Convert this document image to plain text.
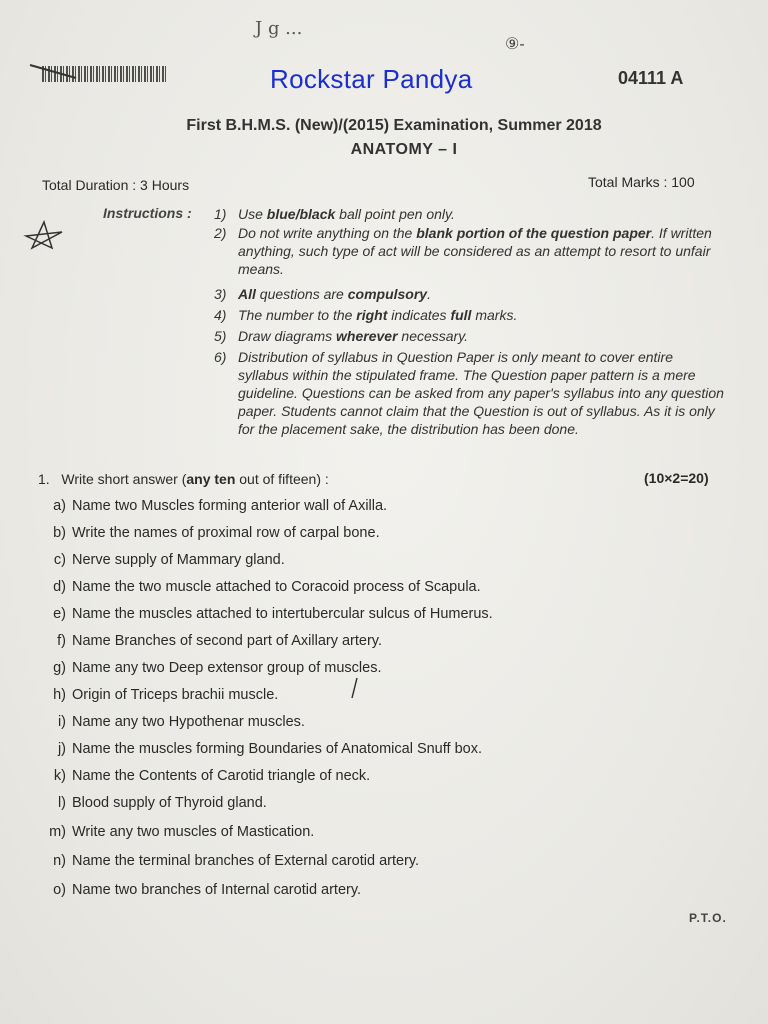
J g ...
⑨-
Rockstar Pandya	04111 A
First B.H.M.S. (New)/(2015) Examination, Summer 2018
ANATOMY – I
Total Duration : 3 Hours	Total Marks : 100
Instructions : 1) Use blue/black ball point pen only.
2) Do not write anything on the blank portion of the question paper. If written anything, such type of act will be considered as an attempt to resort to unfair means.
3) All questions are compulsory.
4) The number to the right indicates full marks.
5) Draw diagrams wherever necessary.
6) Distribution of syllabus in Question Paper is only meant to cover entire syllabus within the stipulated frame. The Question paper pattern is a mere guideline. Questions can be asked from any paper's syllabus into any question paper. Students cannot claim that the Question is out of syllabus. As it is only for the placement sake, the distribution has been done.
1. Write short answer (any ten out of fifteen) :	(10×2=20)
a) Name two Muscles forming anterior wall of Axilla.
b) Write the names of proximal row of carpal bone.
c) Nerve supply of Mammary gland.
d) Name the two muscle attached to Coracoid process of Scapula.
e) Name the muscles attached to intertubercular sulcus of Humerus.
f) Name Branches of second part of Axillary artery.
g) Name any two Deep extensor group of muscles.
h) Origin of Triceps brachii muscle.
i) Name any two Hypothenar muscles.
j) Name the muscles forming Boundaries of Anatomical Snuff box.
k) Name the Contents of Carotid triangle of neck.
l) Blood supply of Thyroid gland.
m) Write any two muscles of Mastication.
n) Name the terminal branches of External carotid artery.
o) Name two branches of Internal carotid artery.
P.T.O.
